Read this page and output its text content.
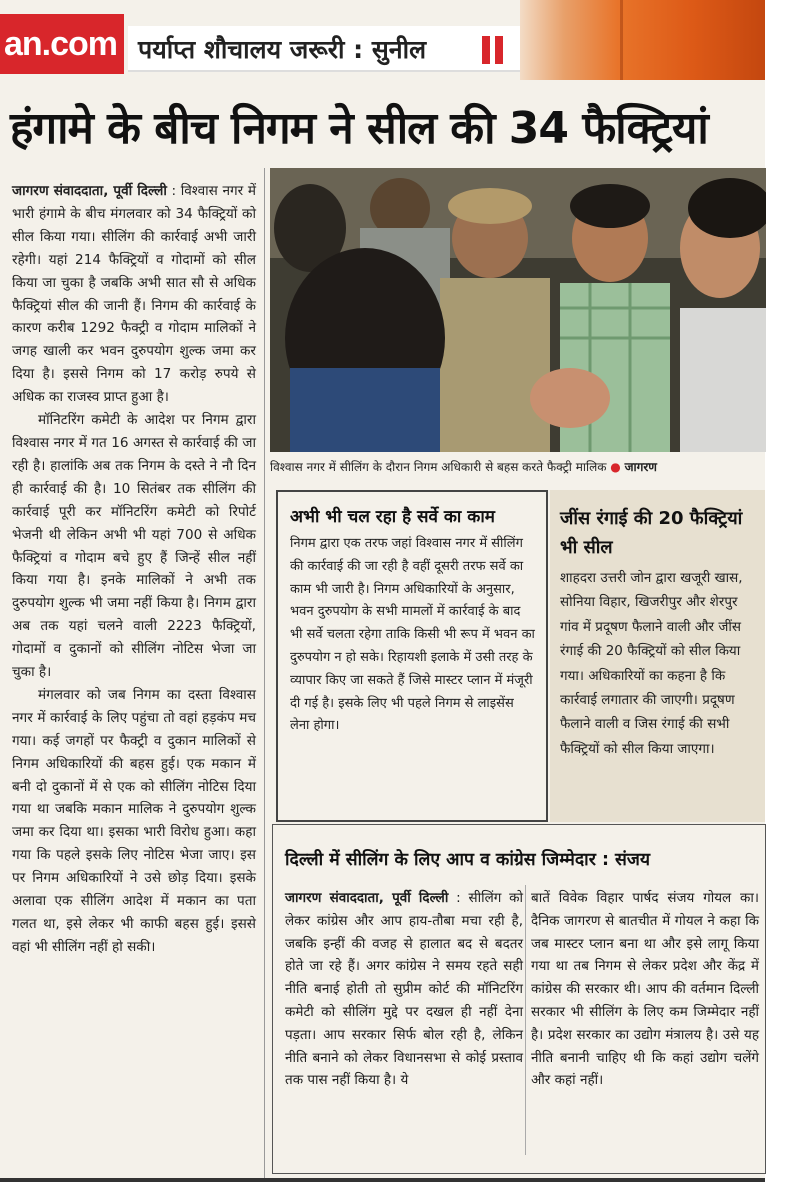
an.com पर्याप्त शौचालय जरूरी : सुनील
हंगामे के बीच निगम ने सील की 34 फैक्ट्रियां

जागरण संवाददाता, पूर्वी दिल्ली : विश्वास नगर में भारी हंगामे के बीच मंगलवार को 34 फैक्ट्रियों को सील किया गया। सीलिंग की कार्रवाई अभी जारी रहेगी। यहां 214 फैक्ट्रियों व गोदामों को सील किया जा चुका है जबकि अभी सात सौ से अधिक फैक्ट्रियां सील की जानी हैं। निगम की कार्रवाई के कारण करीब 1292 फैक्ट्री व गोदाम मालिकों ने जगह खाली कर भवन दुरुपयोग शुल्क जमा कर दिया है। इससे निगम को 17 करोड़ रुपये से अधिक का राजस्व प्राप्त हुआ है।

मॉनिटरिंग कमेटी के आदेश पर निगम द्वारा विश्वास नगर में गत 16 अगस्त से कार्रवाई की जा रही है। हालांकि अब तक निगम के दस्ते ने नौ दिन ही कार्रवाई की है। 10 सितंबर तक सीलिंग की कार्रवाई पूरी कर मॉनिटरिंग कमेटी को रिपोर्ट भेजनी थी लेकिन अभी भी यहां 700 से अधिक फैक्ट्रियां व गोदाम बचे हुए हैं जिन्हें सील नहीं किया गया है। इनके मालिकों ने अभी तक दुरुपयोग शुल्क भी जमा नहीं किया है। निगम द्वारा अब तक यहां चलने वाली 2223 फैक्ट्रियों, गोदामों व दुकानों को सीलिंग नोटिस भेजा जा चुका है।

मंगलवार को जब निगम का दस्ता विश्वास नगर में कार्रवाई के लिए पहुंचा तो वहां हड़कंप मच गया। कई जगहों पर फैक्ट्री व दुकान मालिकों से निगम अधिकारियों की बहस हुई। एक मकान में बनी दो दुकानों में से एक को सीलिंग नोटिस दिया गया था जबकि मकान मालिक ने दुरुपयोग शुल्क जमा कर दिया था। इसका भारी विरोध हुआ। कहा गया कि पहले इसके लिए नोटिस भेजा जाए। इस पर निगम अधिकारियों ने उसे छोड़ दिया। इसके अलावा एक सीलिंग आदेश में मकान का पता गलत था, इसे लेकर भी काफी बहस हुई। इससे वहां भी सीलिंग नहीं हो सकी।

विश्वास नगर में सीलिंग के दौरान निगम अधिकारी से बहस करते फैक्ट्री मालिक ● जागरण
अभी भी चल रहा है सर्वे का काम
निगम द्वारा एक तरफ जहां विश्वास नगर में सीलिंग की कार्रवाई की जा रही है वहीं दूसरी तरफ सर्वे का काम भी जारी है। निगम अधिकारियों के अनुसार, भवन दुरुपयोग के सभी मामलों में कार्रवाई के बाद भी सर्वे चलता रहेगा ताकि किसी भी रूप में भवन का दुरुपयोग न हो सके। रिहायशी इलाके में उसी तरह के व्यापार किए जा सकते हैं जिसे मास्टर प्लान में मंजूरी दी गई है। इसके लिए भी पहले निगम से लाइसेंस लेना होगा।
जींस रंगाई की 20 फैक्ट्रियां भी सील
शाहदरा उत्तरी जोन द्वारा खजूरी खास, सोनिया विहार, खिजरीपुर और शेरपुर गांव में प्रदूषण फैलाने वाली और जींस रंगाई की 20 फैक्ट्रियों को सील किया गया। अधिकारियों का कहना है कि कार्रवाई लगातार की जाएगी। प्रदूषण फैलाने वाली व जिस रंगाई की सभी फैक्ट्रियों को सील किया जाएगा।
दिल्ली में सीलिंग के लिए आप व कांग्रेस जिम्मेदार : संजय
जागरण संवाददाता, पूर्वी दिल्ली : सीलिंग को लेकर कांग्रेस और आप हाय-तौबा मचा रही है, जबकि इन्हीं की वजह से हालात बद से बदतर होते जा रहे हैं। अगर कांग्रेस ने समय रहते सही नीति बनाई होती तो सुप्रीम कोर्ट की मॉनिटरिंग कमेटी को सीलिंग मुद्दे पर दखल ही नहीं देना पड़ता। आप सरकार सिर्फ बोल रही है, लेकिन नीति बनाने को लेकर विधानसभा से कोई प्रस्ताव तक पास नहीं किया है। ये
बातें विवेक विहार पार्षद संजय गोयल का। दैनिक जागरण से बातचीत में गोयल ने कहा कि जब मास्टर प्लान बना था और इसे लागू किया गया था तब निगम से लेकर प्रदेश और केंद्र में कांग्रेस की सरकार थी। आप की वर्तमान दिल्ली सरकार भी सीलिंग के लिए कम जिम्मेदार नहीं है। प्रदेश सरकार का उद्योग मंत्रालय है। उसे यह नीति बनानी चाहिए थी कि कहां उद्योग चलेंगे और कहां नहीं।
